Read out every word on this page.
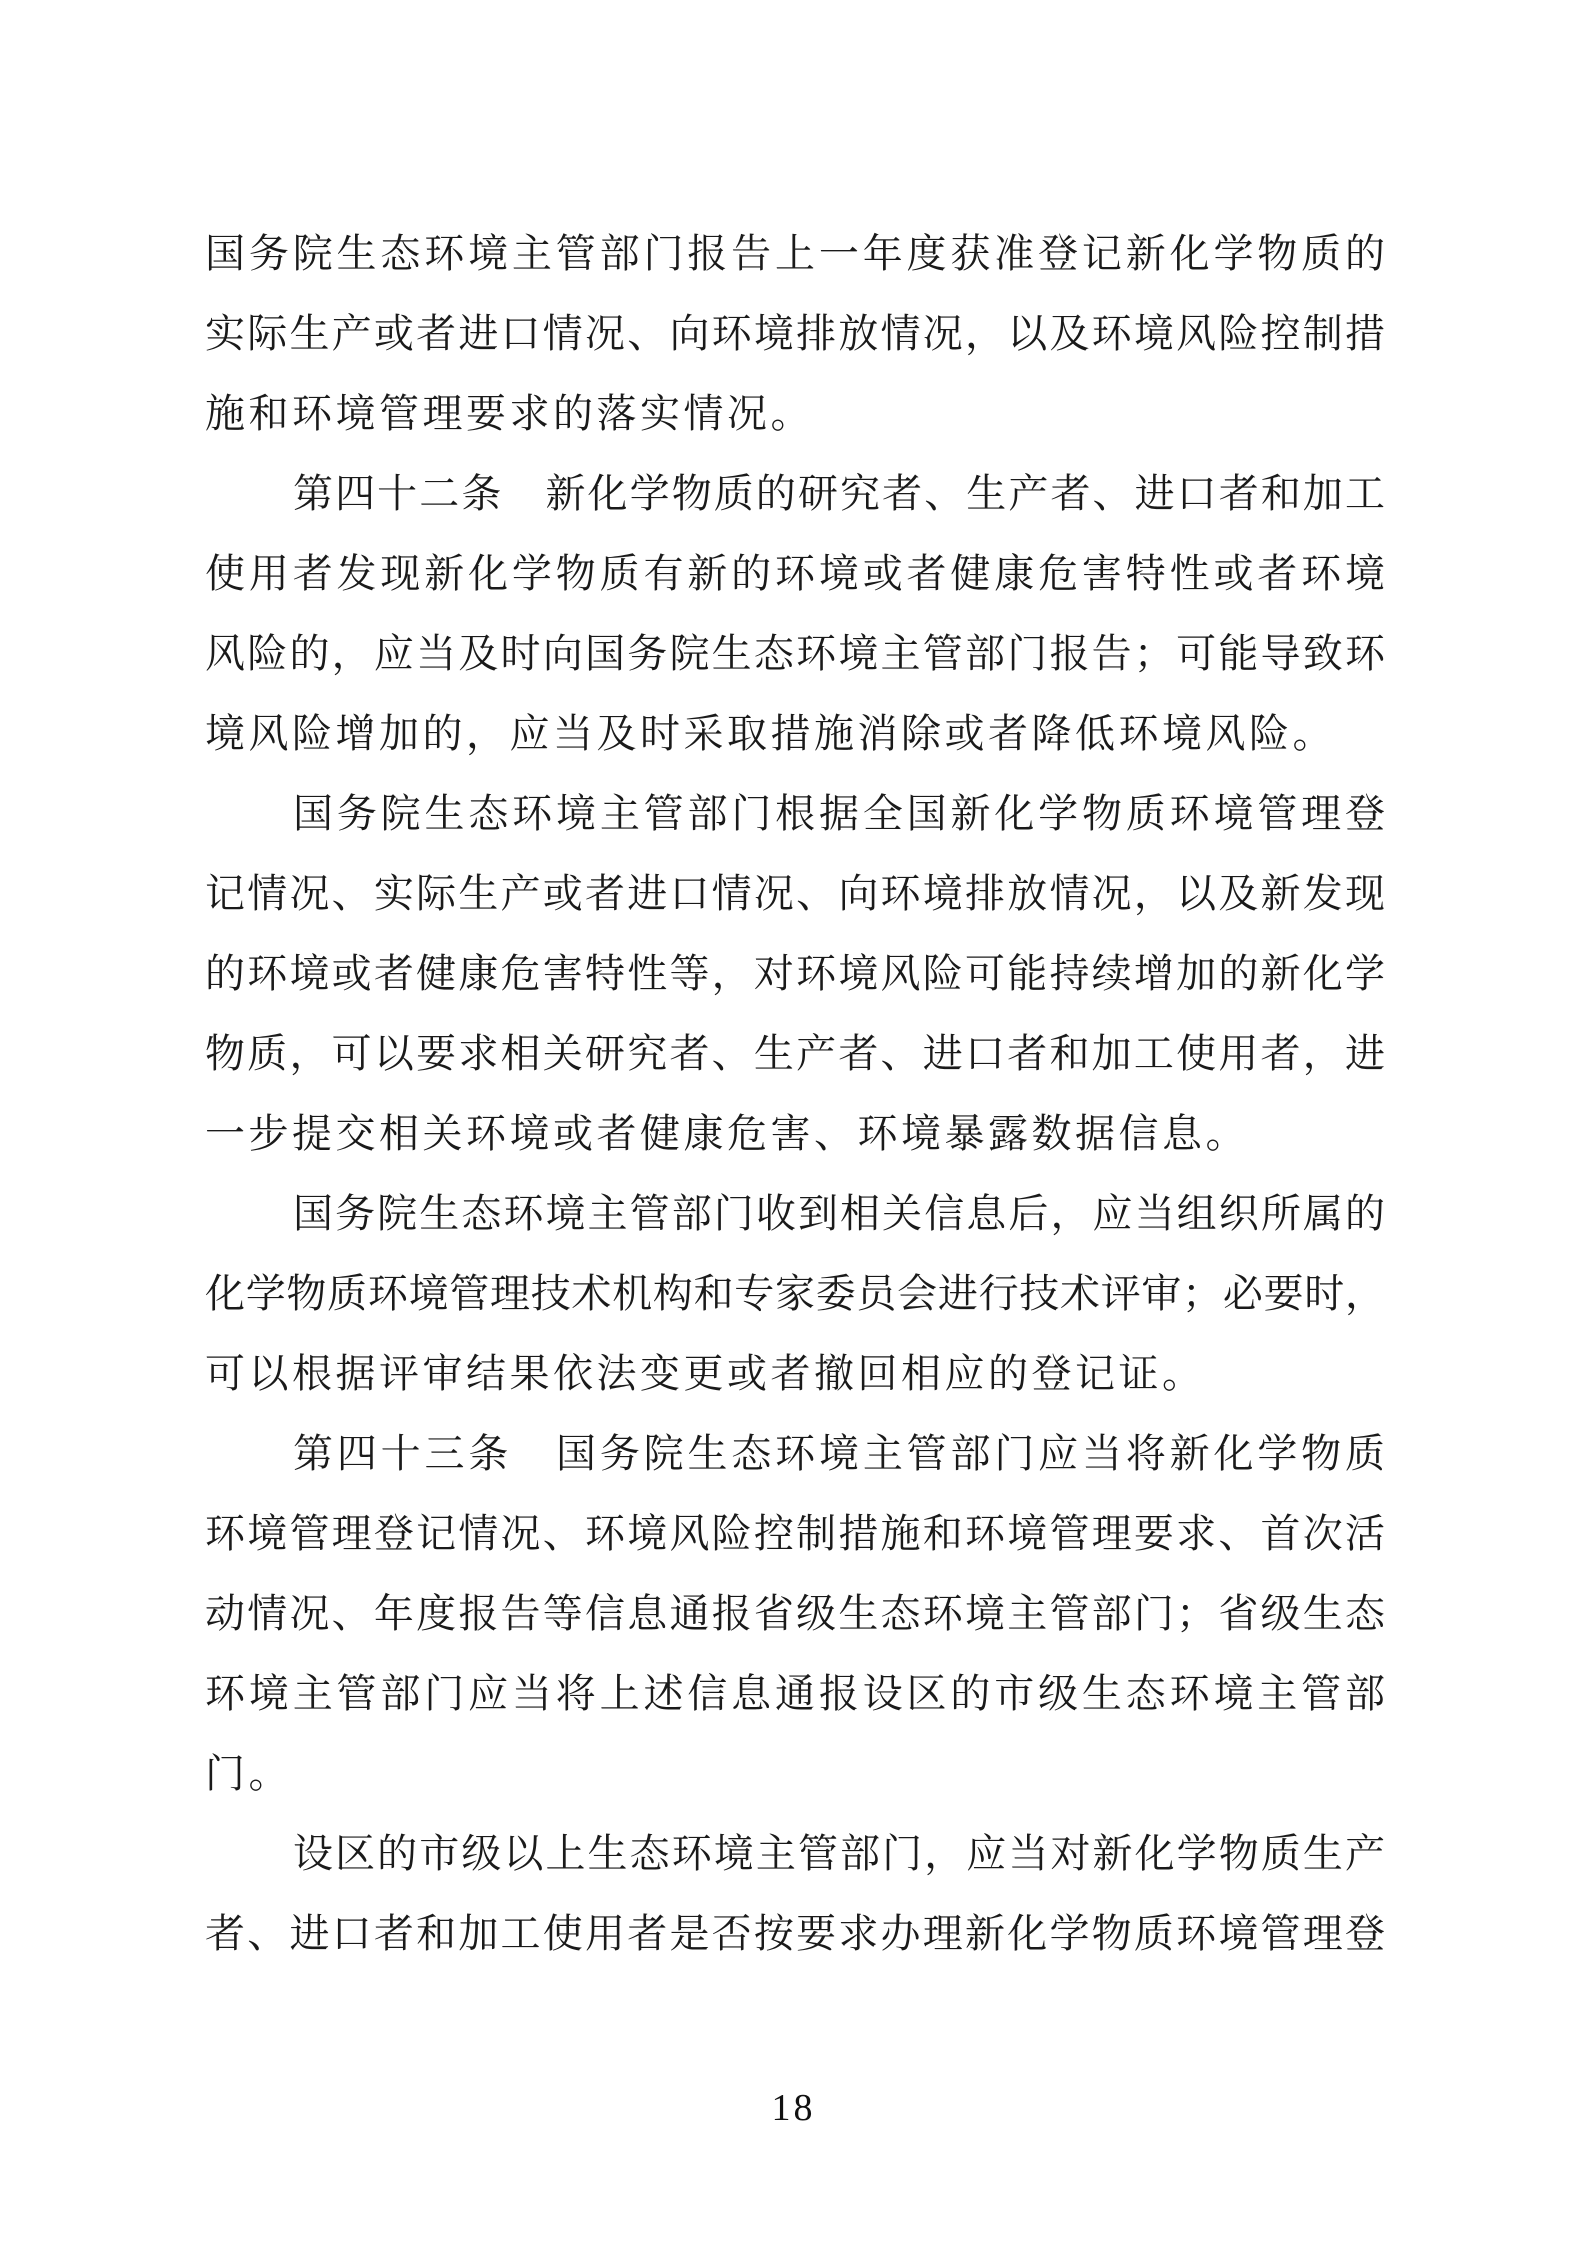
国务院生态环境主管部门报告上一年度获准登记新化学物质的
实际生产或者进口情况、向环境排放情况，以及环境风险控制措
施和环境管理要求的落实情况。
第四十二条　新化学物质的研究者、生产者、进口者和加工
使用者发现新化学物质有新的环境或者健康危害特性或者环境
风险的，应当及时向国务院生态环境主管部门报告；可能导致环
境风险增加的，应当及时采取措施消除或者降低环境风险。
国务院生态环境主管部门根据全国新化学物质环境管理登
记情况、实际生产或者进口情况、向环境排放情况，以及新发现
的环境或者健康危害特性等，对环境风险可能持续增加的新化学
物质，可以要求相关研究者、生产者、进口者和加工使用者，进
一步提交相关环境或者健康危害、环境暴露数据信息。
国务院生态环境主管部门收到相关信息后，应当组织所属的
化学物质环境管理技术机构和专家委员会进行技术评审；必要时，
可以根据评审结果依法变更或者撤回相应的登记证。
第四十三条　国务院生态环境主管部门应当将新化学物质
环境管理登记情况、环境风险控制措施和环境管理要求、首次活
动情况、年度报告等信息通报省级生态环境主管部门；省级生态
环境主管部门应当将上述信息通报设区的市级生态环境主管部
门。
设区的市级以上生态环境主管部门，应当对新化学物质生产
者、进口者和加工使用者是否按要求办理新化学物质环境管理登
18
